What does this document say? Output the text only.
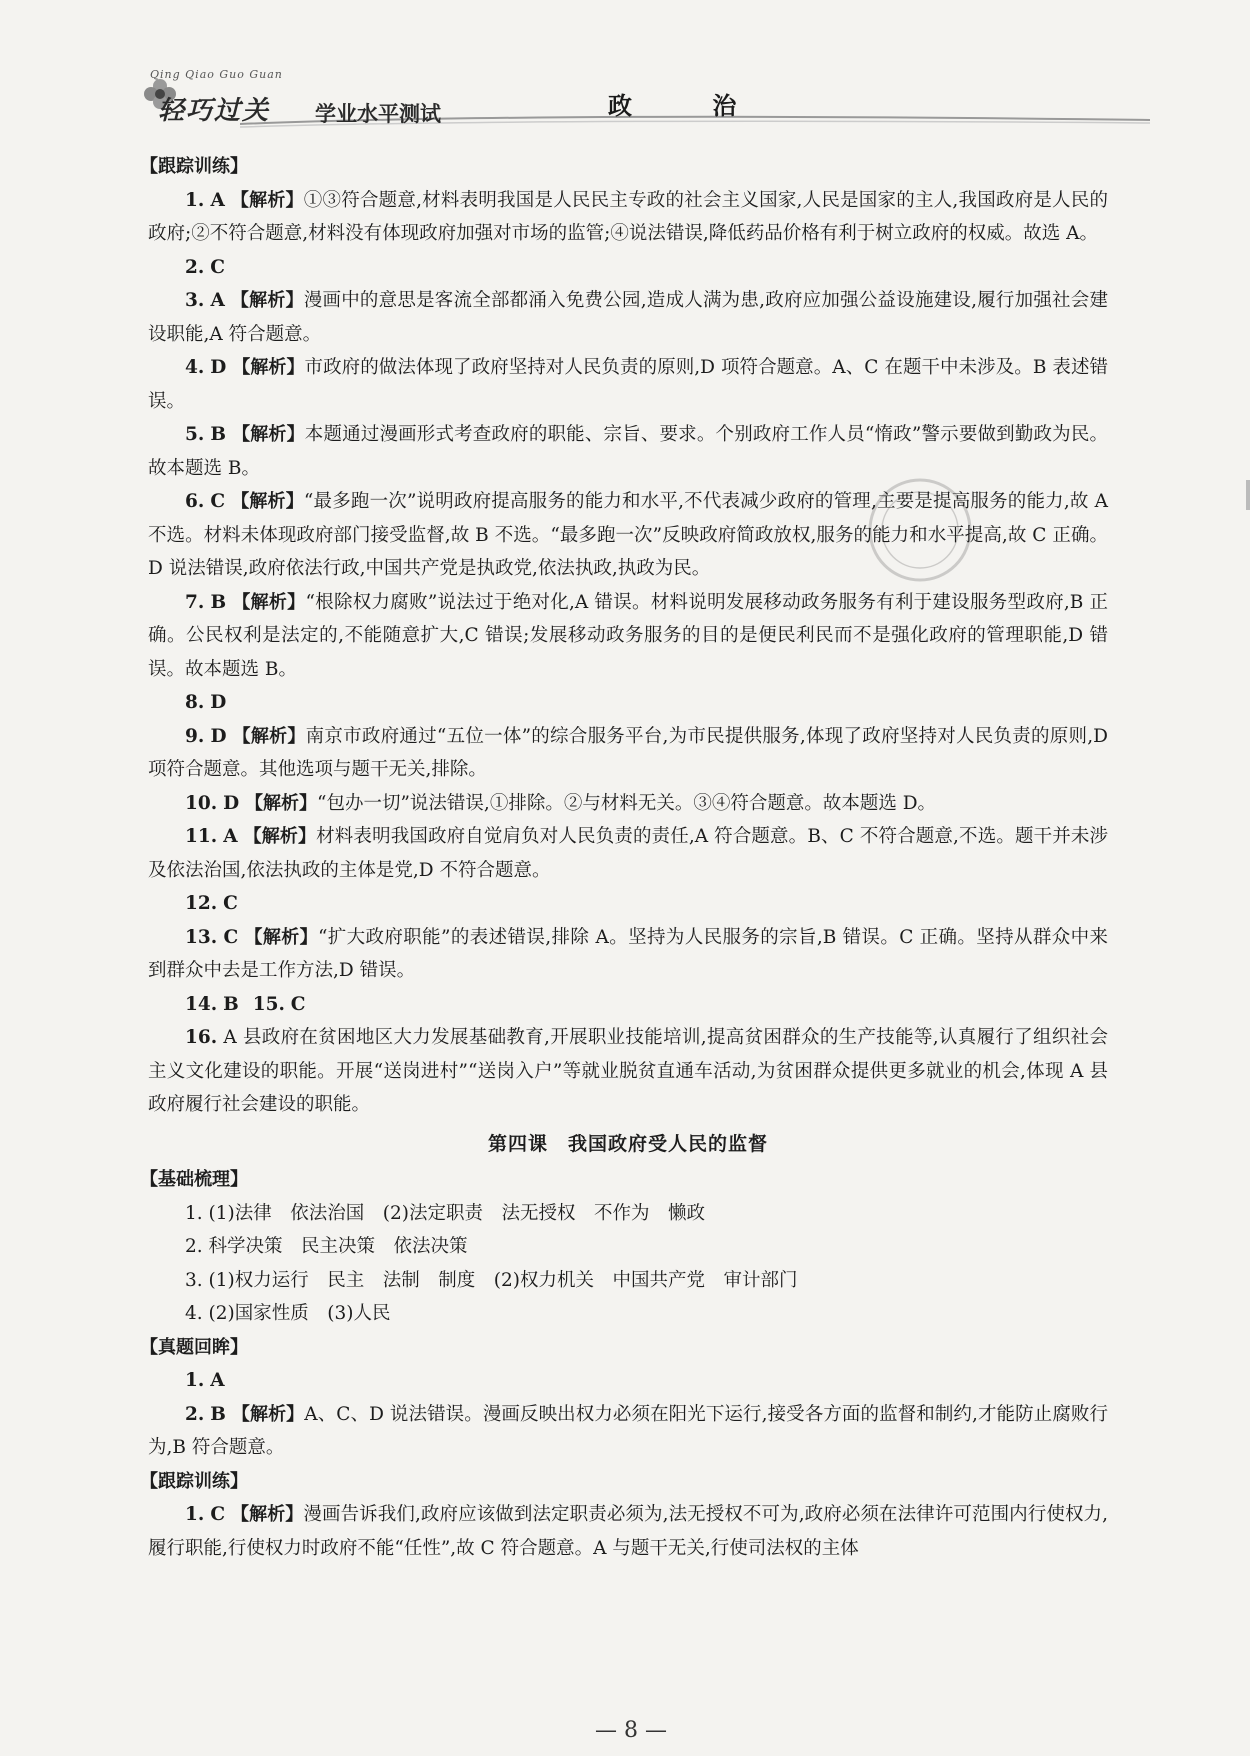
Qing Qiao Guo Guan
轻巧过关 学业水平测试	政 治
【跟踪训练】
1. A 【解析】①③符合题意,材料表明我国是人民民主专政的社会主义国家,人民是国家的主人,我国政府是人民的政府;②不符合题意,材料没有体现政府加强对市场的监管;④说法错误,降低药品价格有利于树立政府的权威。故选 A。
2. C
3. A 【解析】漫画中的意思是客流全部都涌入免费公园,造成人满为患,政府应加强公益设施建设,履行加强社会建设职能,A 符合题意。
4. D 【解析】市政府的做法体现了政府坚持对人民负责的原则,D 项符合题意。A、C 在题干中未涉及。B 表述错误。
5. B 【解析】本题通过漫画形式考查政府的职能、宗旨、要求。个别政府工作人员“惰政”警示要做到勤政为民。故本题选 B。
6. C 【解析】“最多跑一次”说明政府提高服务的能力和水平,不代表减少政府的管理,主要是提高服务的能力,故 A 不选。材料未体现政府部门接受监督,故 B 不选。“最多跑一次”反映政府简政放权,服务的能力和水平提高,故 C 正确。D 说法错误,政府依法行政,中国共产党是执政党,依法执政,执政为民。
7. B 【解析】“根除权力腐败”说法过于绝对化,A 错误。材料说明发展移动政务服务有利于建设服务型政府,B 正确。公民权利是法定的,不能随意扩大,C 错误;发展移动政务服务的目的是便民利民而不是强化政府的管理职能,D 错误。故本题选 B。
8. D
9. D 【解析】南京市政府通过“五位一体”的综合服务平台,为市民提供服务,体现了政府坚持对人民负责的原则,D 项符合题意。其他选项与题干无关,排除。
10. D 【解析】“包办一切”说法错误,①排除。②与材料无关。③④符合题意。故本题选 D。
11. A 【解析】材料表明我国政府自觉肩负对人民负责的责任,A 符合题意。B、C 不符合题意,不选。题干并未涉及依法治国,依法执政的主体是党,D 不符合题意。
12. C
13. C 【解析】“扩大政府职能”的表述错误,排除 A。坚持为人民服务的宗旨,B 错误。C 正确。坚持从群众中来到群众中去是工作方法,D 错误。
14. B 15. C
16. A 县政府在贫困地区大力发展基础教育,开展职业技能培训,提高贫困群众的生产技能等,认真履行了组织社会主义文化建设的职能。开展“送岗进村”“送岗入户”等就业脱贫直通车活动,为贫困群众提供更多就业的机会,体现 A 县政府履行社会建设的职能。
第四课　我国政府受人民的监督
【基础梳理】
1. (1)法律　依法治国　(2)法定职责　法无授权　不作为　懒政
2. 科学决策　民主决策　依法决策
3. (1)权力运行　民主　法制　制度　(2)权力机关　中国共产党　审计部门
4. (2)国家性质　(3)人民
【真题回眸】
1. A
2. B 【解析】A、C、D 说法错误。漫画反映出权力必须在阳光下运行,接受各方面的监督和制约,才能防止腐败行为,B 符合题意。
【跟踪训练】
1. C 【解析】漫画告诉我们,政府应该做到法定职责必须为,法无授权不可为,政府必须在法律许可范围内行使权力,履行职能,行使权力时政府不能“任性”,故 C 符合题意。A 与题干无关,行使司法权的主体
— 8 —
